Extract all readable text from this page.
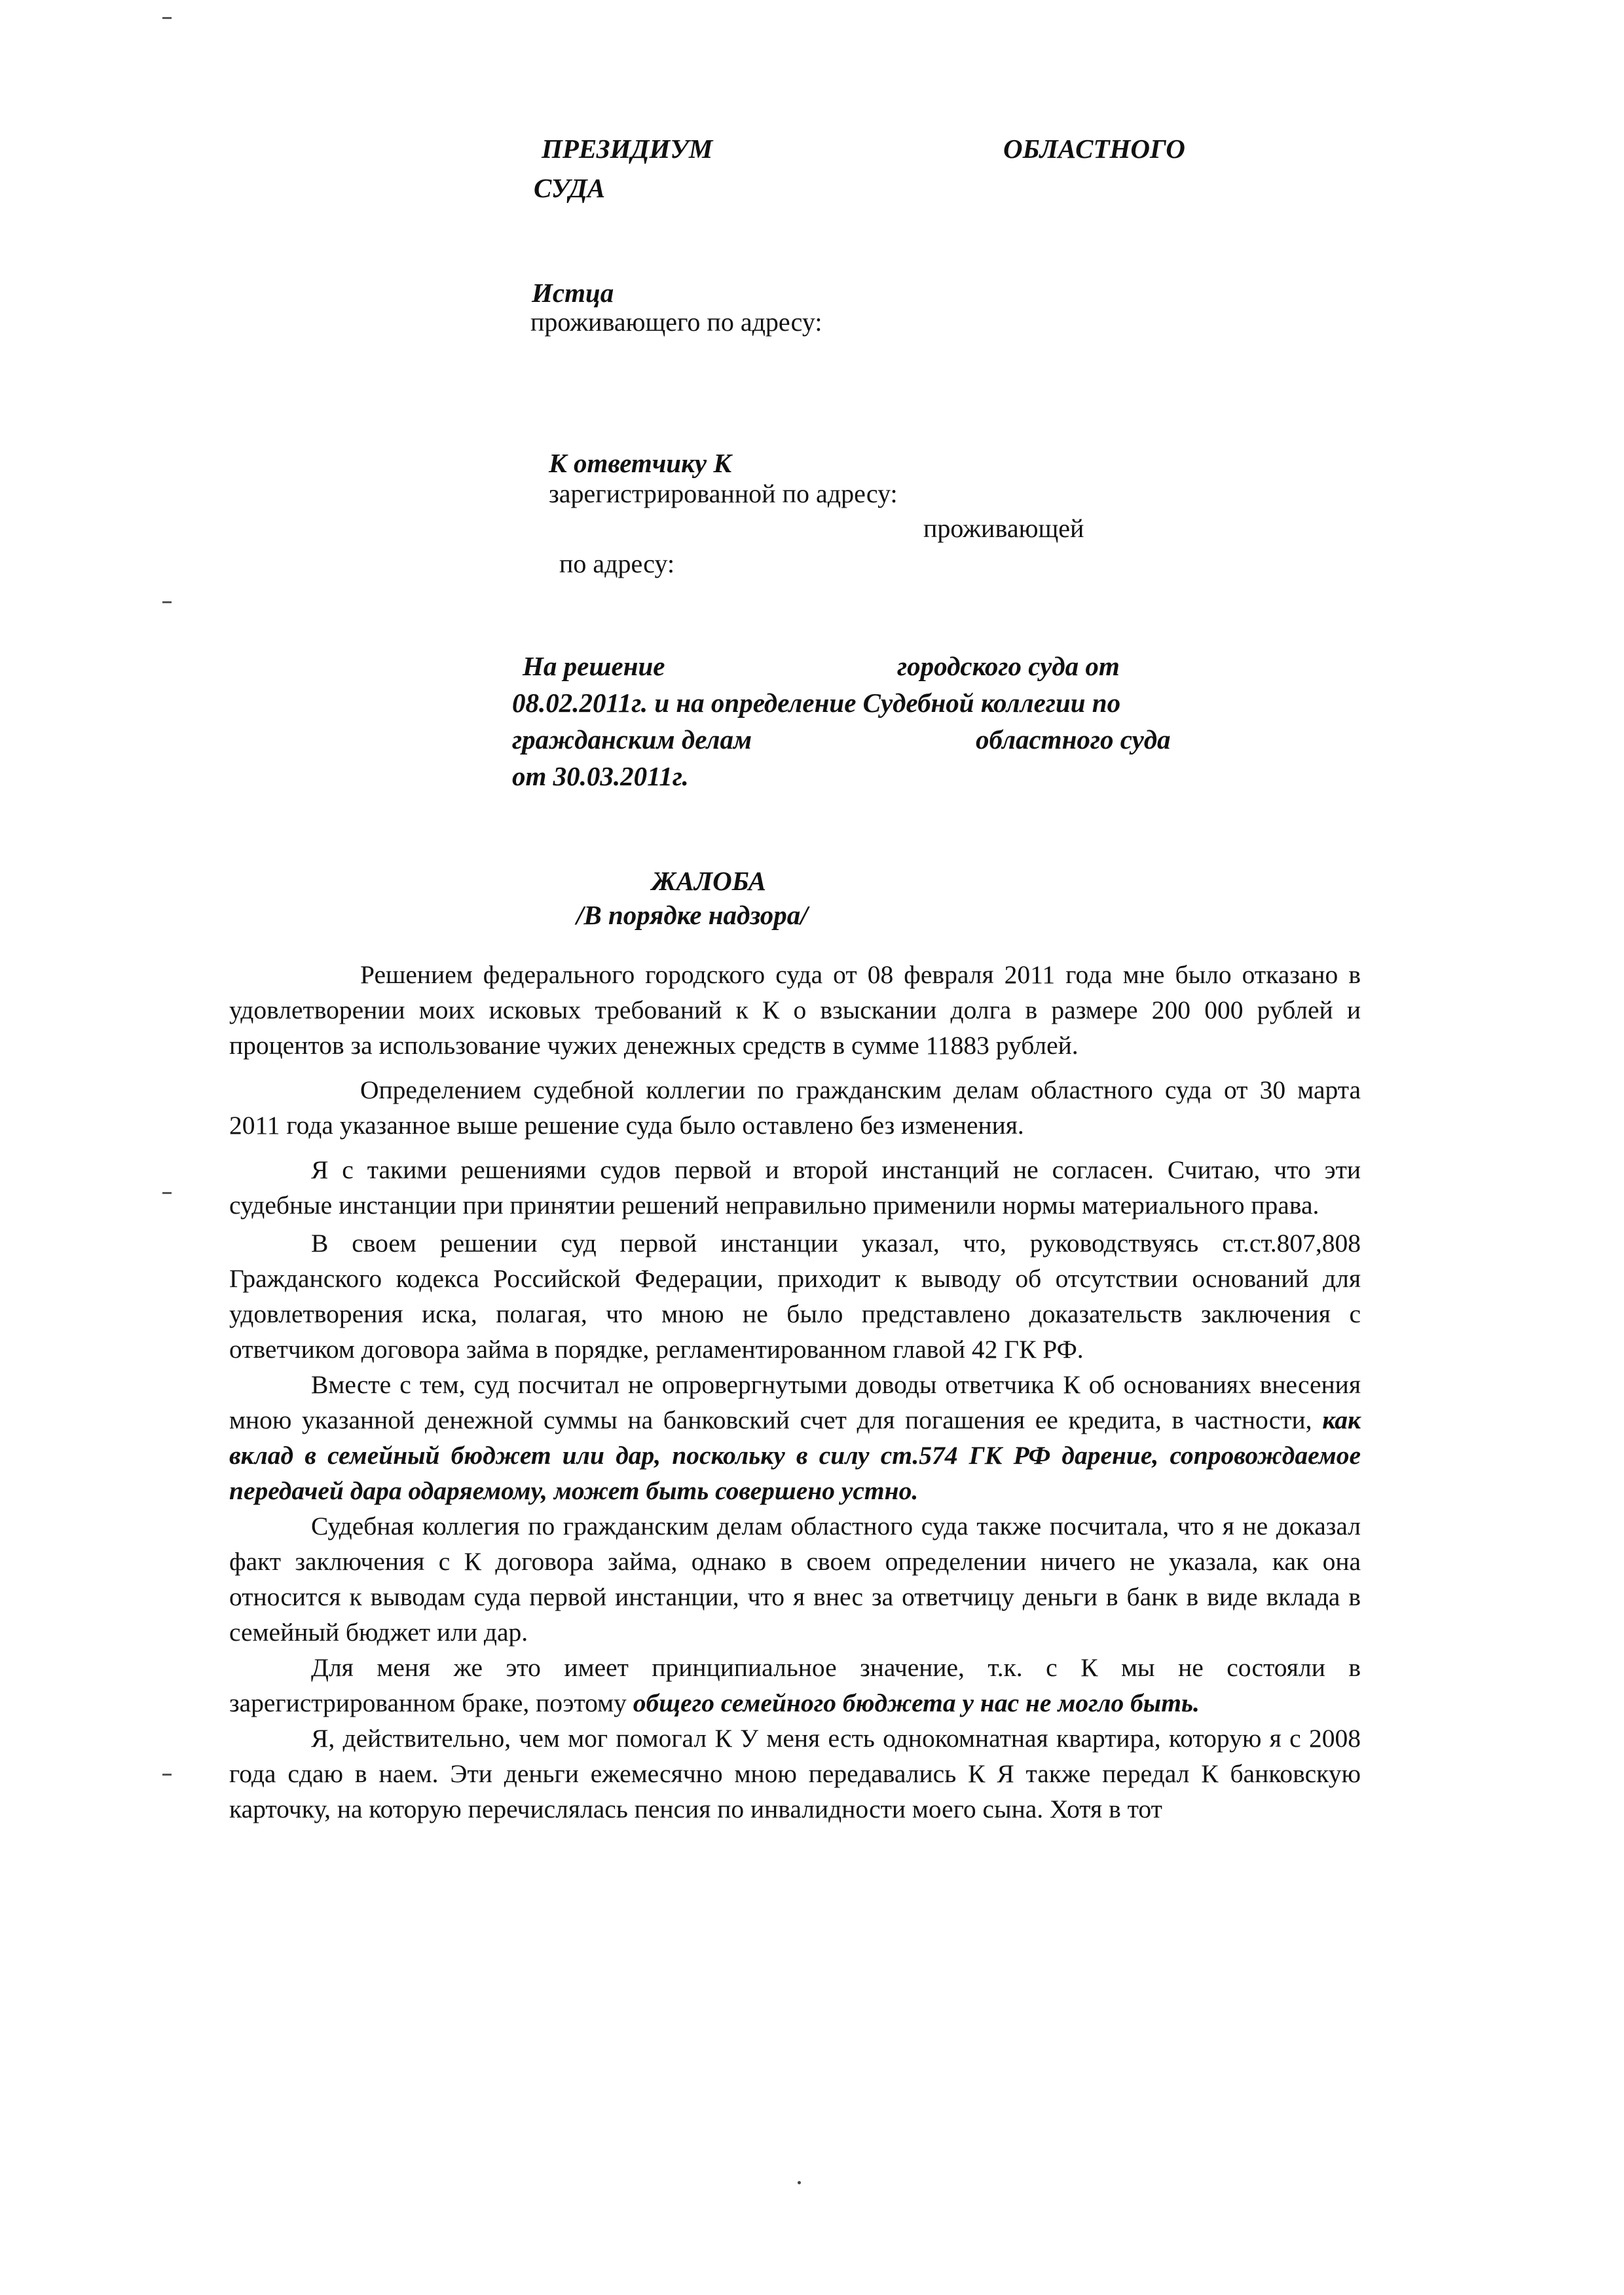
ПРЕЗИДИУМ	ОБЛАСТНОГО
СУДА
Истца
проживающего по адресу:
К ответчику К
зарегистрированной по адресу:
проживающей
по адресу:
На решение	городского суда от
08.02.2011г. и на определение Судебной коллегии по
гражданским делам	областного суда
от 30.03.2011г.
ЖАЛОБА
/В порядке надзора/

Решением федерального городского суда от 08 февраля 2011 года мне было отказано в удовлетворении моих исковых требований к К о взыскании долга в размере 200 000 рублей и процентов за использование чужих денежных средств в сумме 11883 рублей.

Определением судебной коллегии по гражданским делам областного суда от 30 марта 2011 года указанное выше решение суда было оставлено без изменения.

Я с такими решениями судов первой и второй инстанций не согласен. Считаю, что эти судебные инстанции при принятии решений неправильно применили нормы материального права.

В своем решении суд первой инстанции указал, что, руководствуясь ст.ст.807,808 Гражданского кодекса Российской Федерации, приходит к выводу об отсутствии оснований для удовлетворения иска, полагая, что мною не было представлено доказательств заключения с ответчиком договора займа в порядке, регламентированном главой 42 ГК РФ.

Вместе с тем, суд посчитал не опровергнутыми доводы ответчика К об основаниях внесения мною указанной денежной суммы на банковский счет для погашения ее кредита, в частности, как вклад в семейный бюджет или дар, поскольку в силу ст.574 ГК РФ дарение, сопровождаемое передачей дара одаряемому, может быть совершено устно.

Судебная коллегия по гражданским делам областного суда также посчитала, что я не доказал факт заключения с К договора займа, однако в своем определении ничего не указала, как она относится к выводам суда первой инстанции, что я внес за ответчицу деньги в банк в виде вклада в семейный бюджет или дар.

Для меня же это имеет принципиальное значение, т.к. с К мы не состояли в зарегистрированном браке, поэтому общего семейного бюджета у нас не могло быть.

Я, действительно, чем мог помогал К У меня есть однокомнатная квартира, которую я с 2008 года сдаю в наем. Эти деньги ежемесячно мною передавались К Я также передал К банковскую карточку, на которую перечислялась пенсия по инвалидности моего сына. Хотя в тот
